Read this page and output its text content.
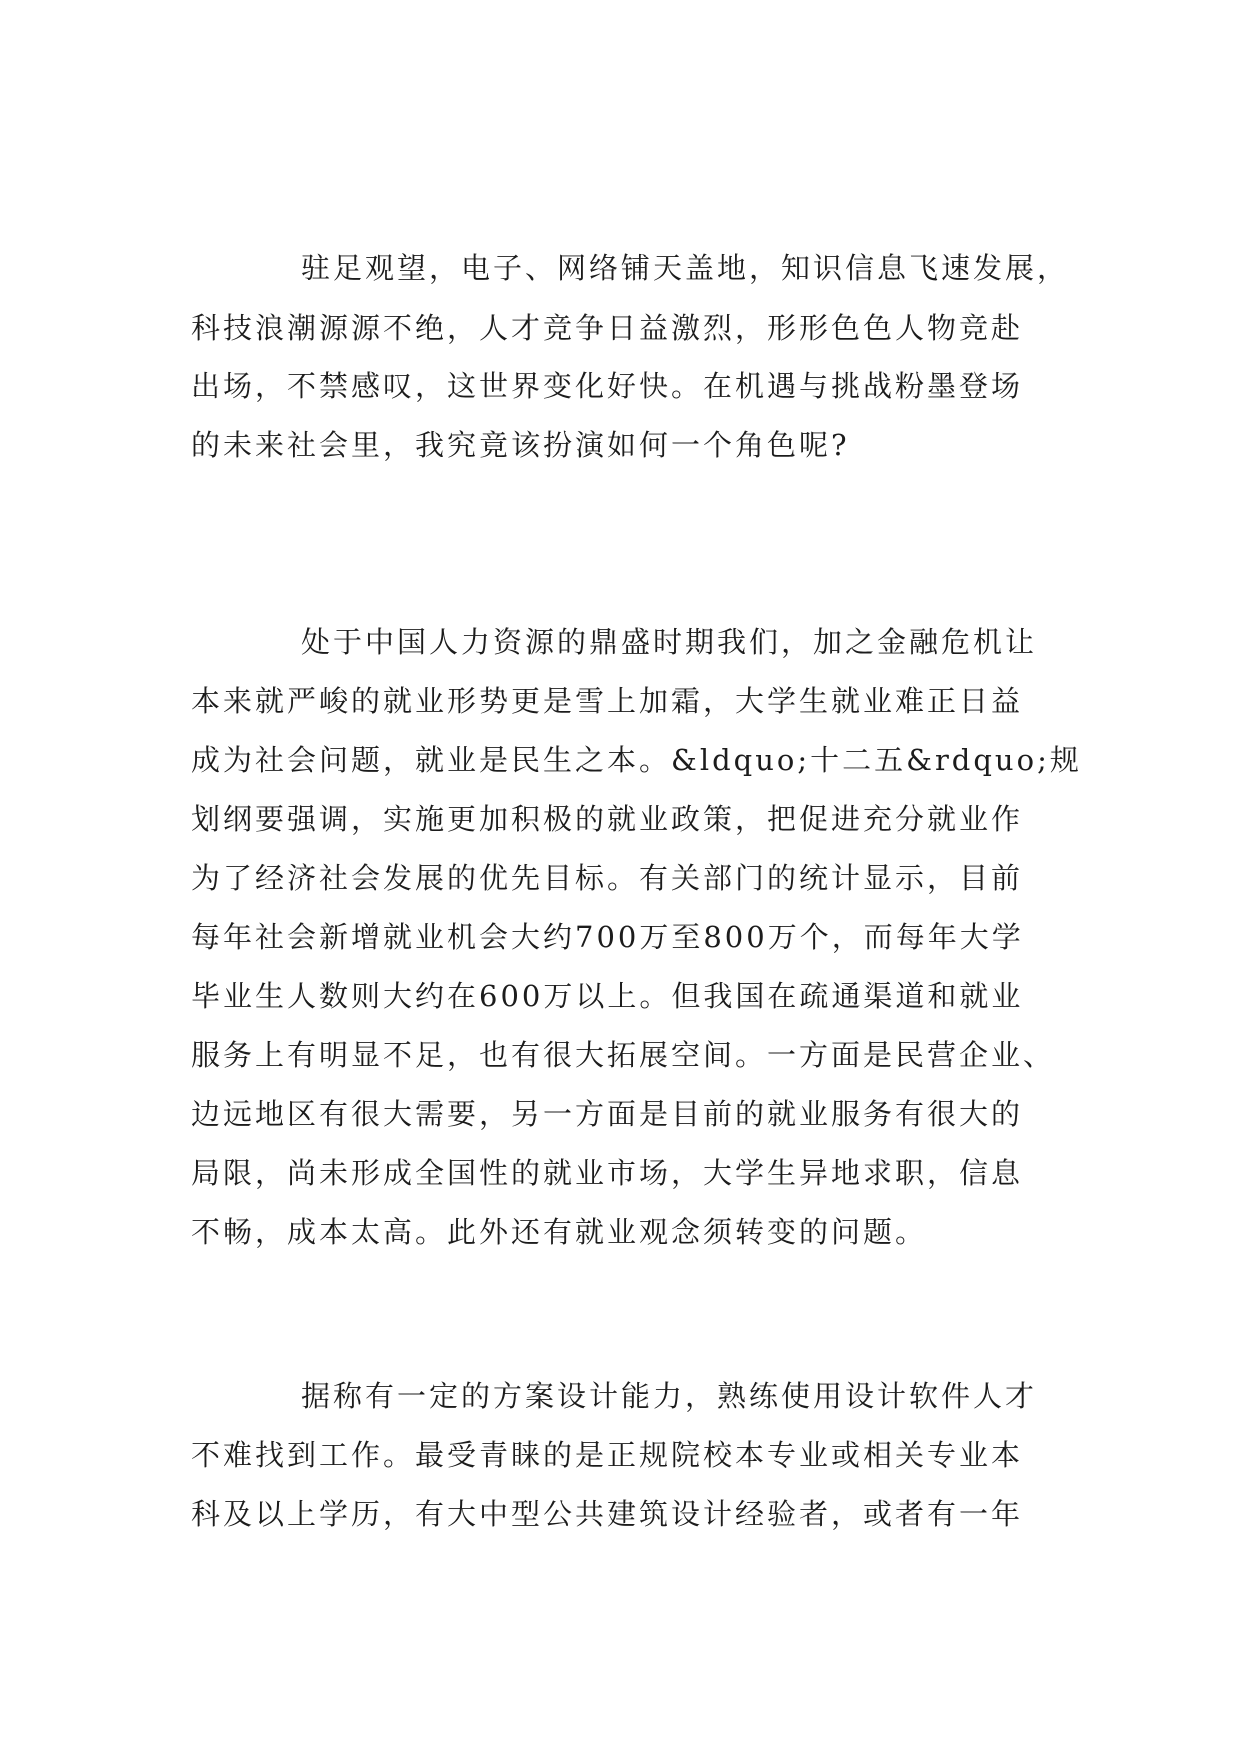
驻足观望，电子、网络铺天盖地，知识信息飞速发展，
科技浪潮源源不绝，人才竞争日益激烈，形形色色人物竞赴
出场，不禁感叹，这世界变化好快。在机遇与挑战粉墨登场
的未来社会里，我究竟该扮演如何一个角色呢?
处于中国人力资源的鼎盛时期我们，加之金融危机让
本来就严峻的就业形势更是雪上加霜，大学生就业难正日益
成为社会问题，就业是民生之本。&ldquo;十二五&rdquo;规
划纲要强调，实施更加积极的就业政策，把促进充分就业作
为了经济社会发展的优先目标。有关部门的统计显示，目前
每年社会新增就业机会大约700万至800万个，而每年大学
毕业生人数则大约在600万以上。但我国在疏通渠道和就业
服务上有明显不足，也有很大拓展空间。一方面是民营企业、
边远地区有很大需要，另一方面是目前的就业服务有很大的
局限，尚未形成全国性的就业市场，大学生异地求职，信息
不畅，成本太高。此外还有就业观念须转变的问题。
据称有一定的方案设计能力，熟练使用设计软件人才
不难找到工作。最受青睐的是正规院校本专业或相关专业本
科及以上学历，有大中型公共建筑设计经验者，或者有一年
